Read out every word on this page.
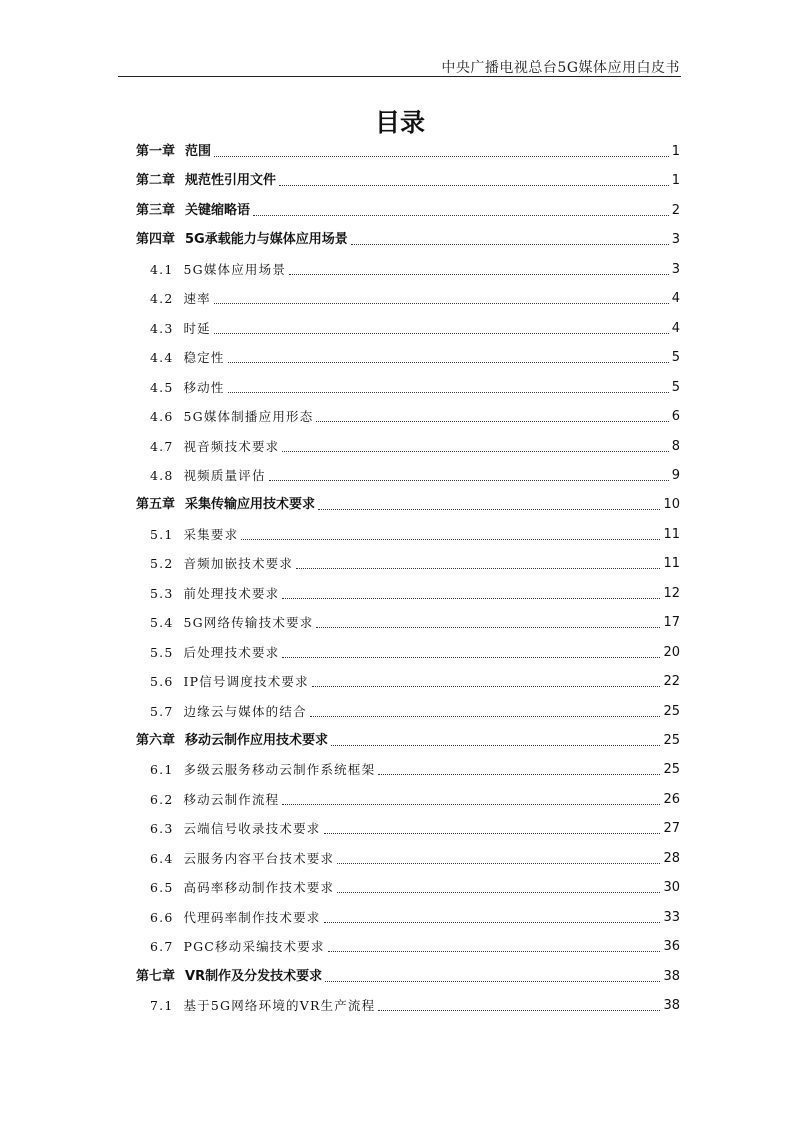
中央广播电视总台5G媒体应用白皮书
目录
第一章 范围	1
第二章 规范性引用文件	1
第三章 关键缩略语	2
第四章 5G承载能力与媒体应用场景	3
4.1 5G媒体应用场景	3
4.2 速率	4
4.3 时延	4
4.4 稳定性	5
4.5 移动性	5
4.6 5G媒体制播应用形态	6
4.7 视音频技术要求	8
4.8 视频质量评估	9
第五章 采集传输应用技术要求	10
5.1 采集要求	11
5.2 音频加嵌技术要求	11
5.3 前处理技术要求	12
5.4 5G网络传输技术要求	17
5.5 后处理技术要求	20
5.6 IP信号调度技术要求	22
5.7 边缘云与媒体的结合	25
第六章 移动云制作应用技术要求	25
6.1 多级云服务移动云制作系统框架	25
6.2 移动云制作流程	26
6.3 云端信号收录技术要求	27
6.4 云服务内容平台技术要求	28
6.5 高码率移动制作技术要求	30
6.6 代理码率制作技术要求	33
6.7 PGC移动采编技术要求	36
第七章 VR制作及分发技术要求	38
7.1 基于5G网络环境的VR生产流程	38
